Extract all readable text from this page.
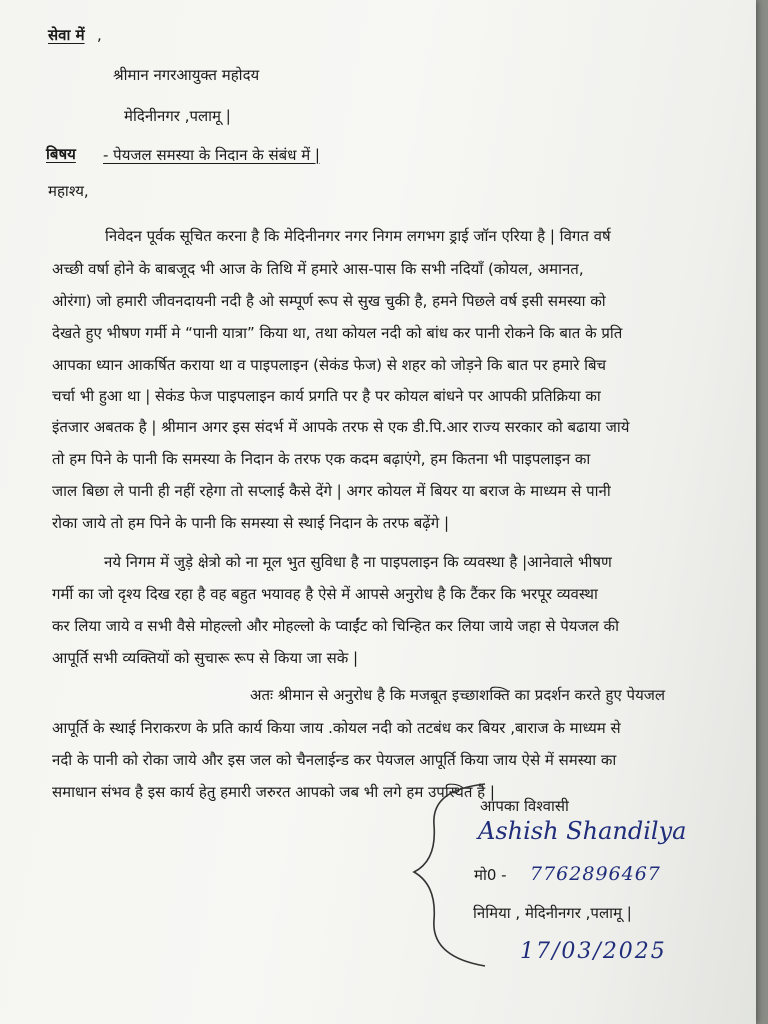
सेवा में ,
श्रीमान नगरआयुक्त महोदय
मेदिनीनगर ,पलामू |
बिषय - पेयजल समस्या के निदान के संबंध में |
महाश्य,
निवेदन पूर्वक सूचित करना है कि मेदिनीनगर नगर निगम लगभग ड्राई जॉन एरिया है | विगत वर्ष
अच्छी वर्षा होने के बाबजूद भी आज के तिथि में हमारे आस-पास कि सभी नदियाँ (कोयल, अमानत,
ओरंगा) जो हमारी जीवनदायनी नदी है ओ सम्पूर्ण रूप से सुख चुकी है, हमने पिछले वर्ष इसी समस्या को
देखते हुए भीषण गर्मी मे “पानी यात्रा” किया था, तथा कोयल नदी को बांध कर पानी रोकने कि बात के प्रति
आपका ध्यान आकर्षित कराया था व पाइपलाइन (सेकंड फेज) से शहर को जोड़ने कि बात पर हमारे बिच
चर्चा भी हुआ था | सेकंड फेज पाइपलाइन कार्य प्रगति पर है पर कोयल बांधने पर आपकी प्रतिक्रिया का
इंतजार अबतक है | श्रीमान अगर इस संदर्भ में आपके तरफ से एक डी.पि.आर राज्य सरकार को बढाया जाये
तो हम पिने के पानी कि समस्या के निदान के तरफ एक कदम बढ़ाएंगे, हम कितना भी पाइपलाइन का
जाल बिछा ले पानी ही नहीं रहेगा तो सप्लाई कैसे देंगे | अगर कोयल में बियर या बराज के माध्यम से पानी
रोका जाये तो हम पिने के पानी कि समस्या से स्थाई निदान के तरफ बढ़ेंगे |
नये निगम में जुड़े क्षेत्रो को ना मूल भुत सुविधा है ना पाइपलाइन कि व्यवस्था है |आनेवाले भीषण
गर्मी का जो दृश्य दिख रहा है वह बहुत भयावह है ऐसे में आपसे अनुरोध है कि टैंकर कि भरपूर व्यवस्था
कर लिया जाये व सभी वैसे मोहल्लो और मोहल्लो के प्वाईंट को चिन्हित कर लिया जाये जहा से पेयजल की
आपूर्ति सभी व्यक्तियों को सुचारू रूप से किया जा सके |
अतः श्रीमान से अनुरोध है कि मजबूत इच्छाशक्ति का प्रदर्शन करते हुए पेयजल
आपूर्ति के स्थाई निराकरण के प्रति कार्य किया जाय .कोयल नदी को तटबंध कर बियर ,बाराज के माध्यम से
नदी के पानी को रोका जाये और इस जल को चैनलाईन्ड कर पेयजल आपूर्ति किया जाय ऐसे में समस्या का
समाधान संभव है इस कार्य हेतु हमारी जरुरत आपको जब भी लगे हम उपस्थित है |
आपका विश्वासी
Ashish Shandilya
मो0 - 7762896467
निमिया , मेदिनीनगर ,पलामू |
17/03/2025
